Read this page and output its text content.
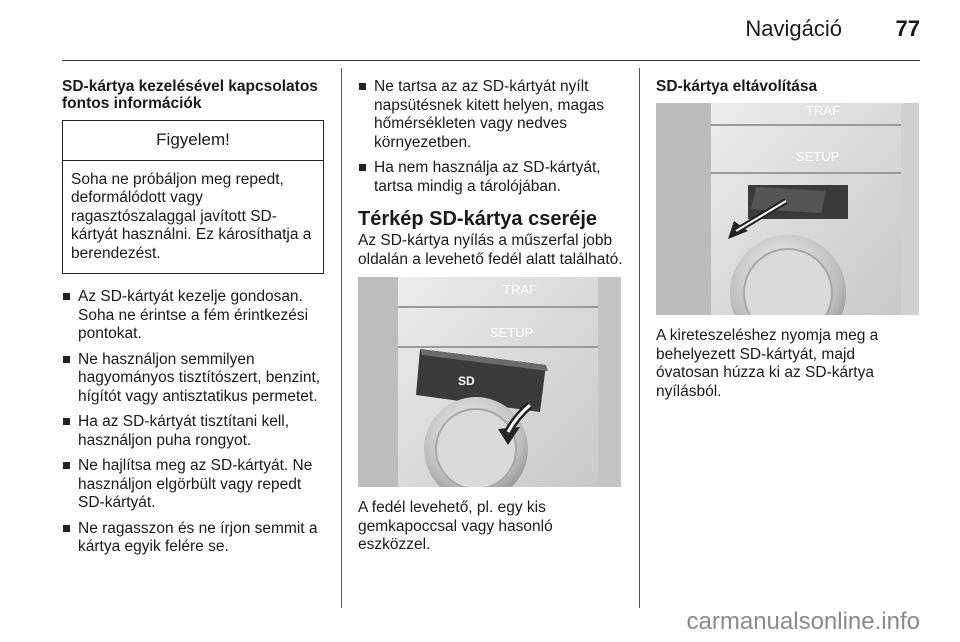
Navigáció 77
SD-kártya kezelésével kapcsolatos fontos információk
Figyelem!
Soha ne próbáljon meg repedt, deformálódott vagy ragasztószalaggal javított SD-kártyát használni. Ez károsíthatja a berendezést.
Az SD-kártyát kezelje gondosan. Soha ne érintse a fém érintkezési pontokat.
Ne használjon semmilyen hagyományos tisztítószert, benzint, hígítót vagy antisztatikus permetet.
Ha az SD-kártyát tisztítani kell, használjon puha rongyot.
Ne hajlítsa meg az SD-kártyát. Ne használjon elgörbült vagy repedt SD-kártyát.
Ne ragasszon és ne írjon semmit a kártya egyik felére se.
Ne tartsa az az SD-kártyát nyílt napsütésnek kitett helyen, magas hőmérsékleten vagy nedves környezetben.
Ha nem használja az SD-kártyát, tartsa mindig a tárolójában.
Térkép SD-kártya cseréje
Az SD-kártya nyílás a műszerfal jobb oldalán a levehető fedél alatt található.
TRAF
SETUP
SD
A fedél levehető, pl. egy kis gemkapoccsal vagy hasonló eszközzel.
SD-kártya eltávolítása
TRAF
SETUP
A kireteszeléshez nyomja meg a behelyezett SD-kártyát, majd óvatosan húzza ki az SD-kártya nyílásból.
carmanualsonline.info
